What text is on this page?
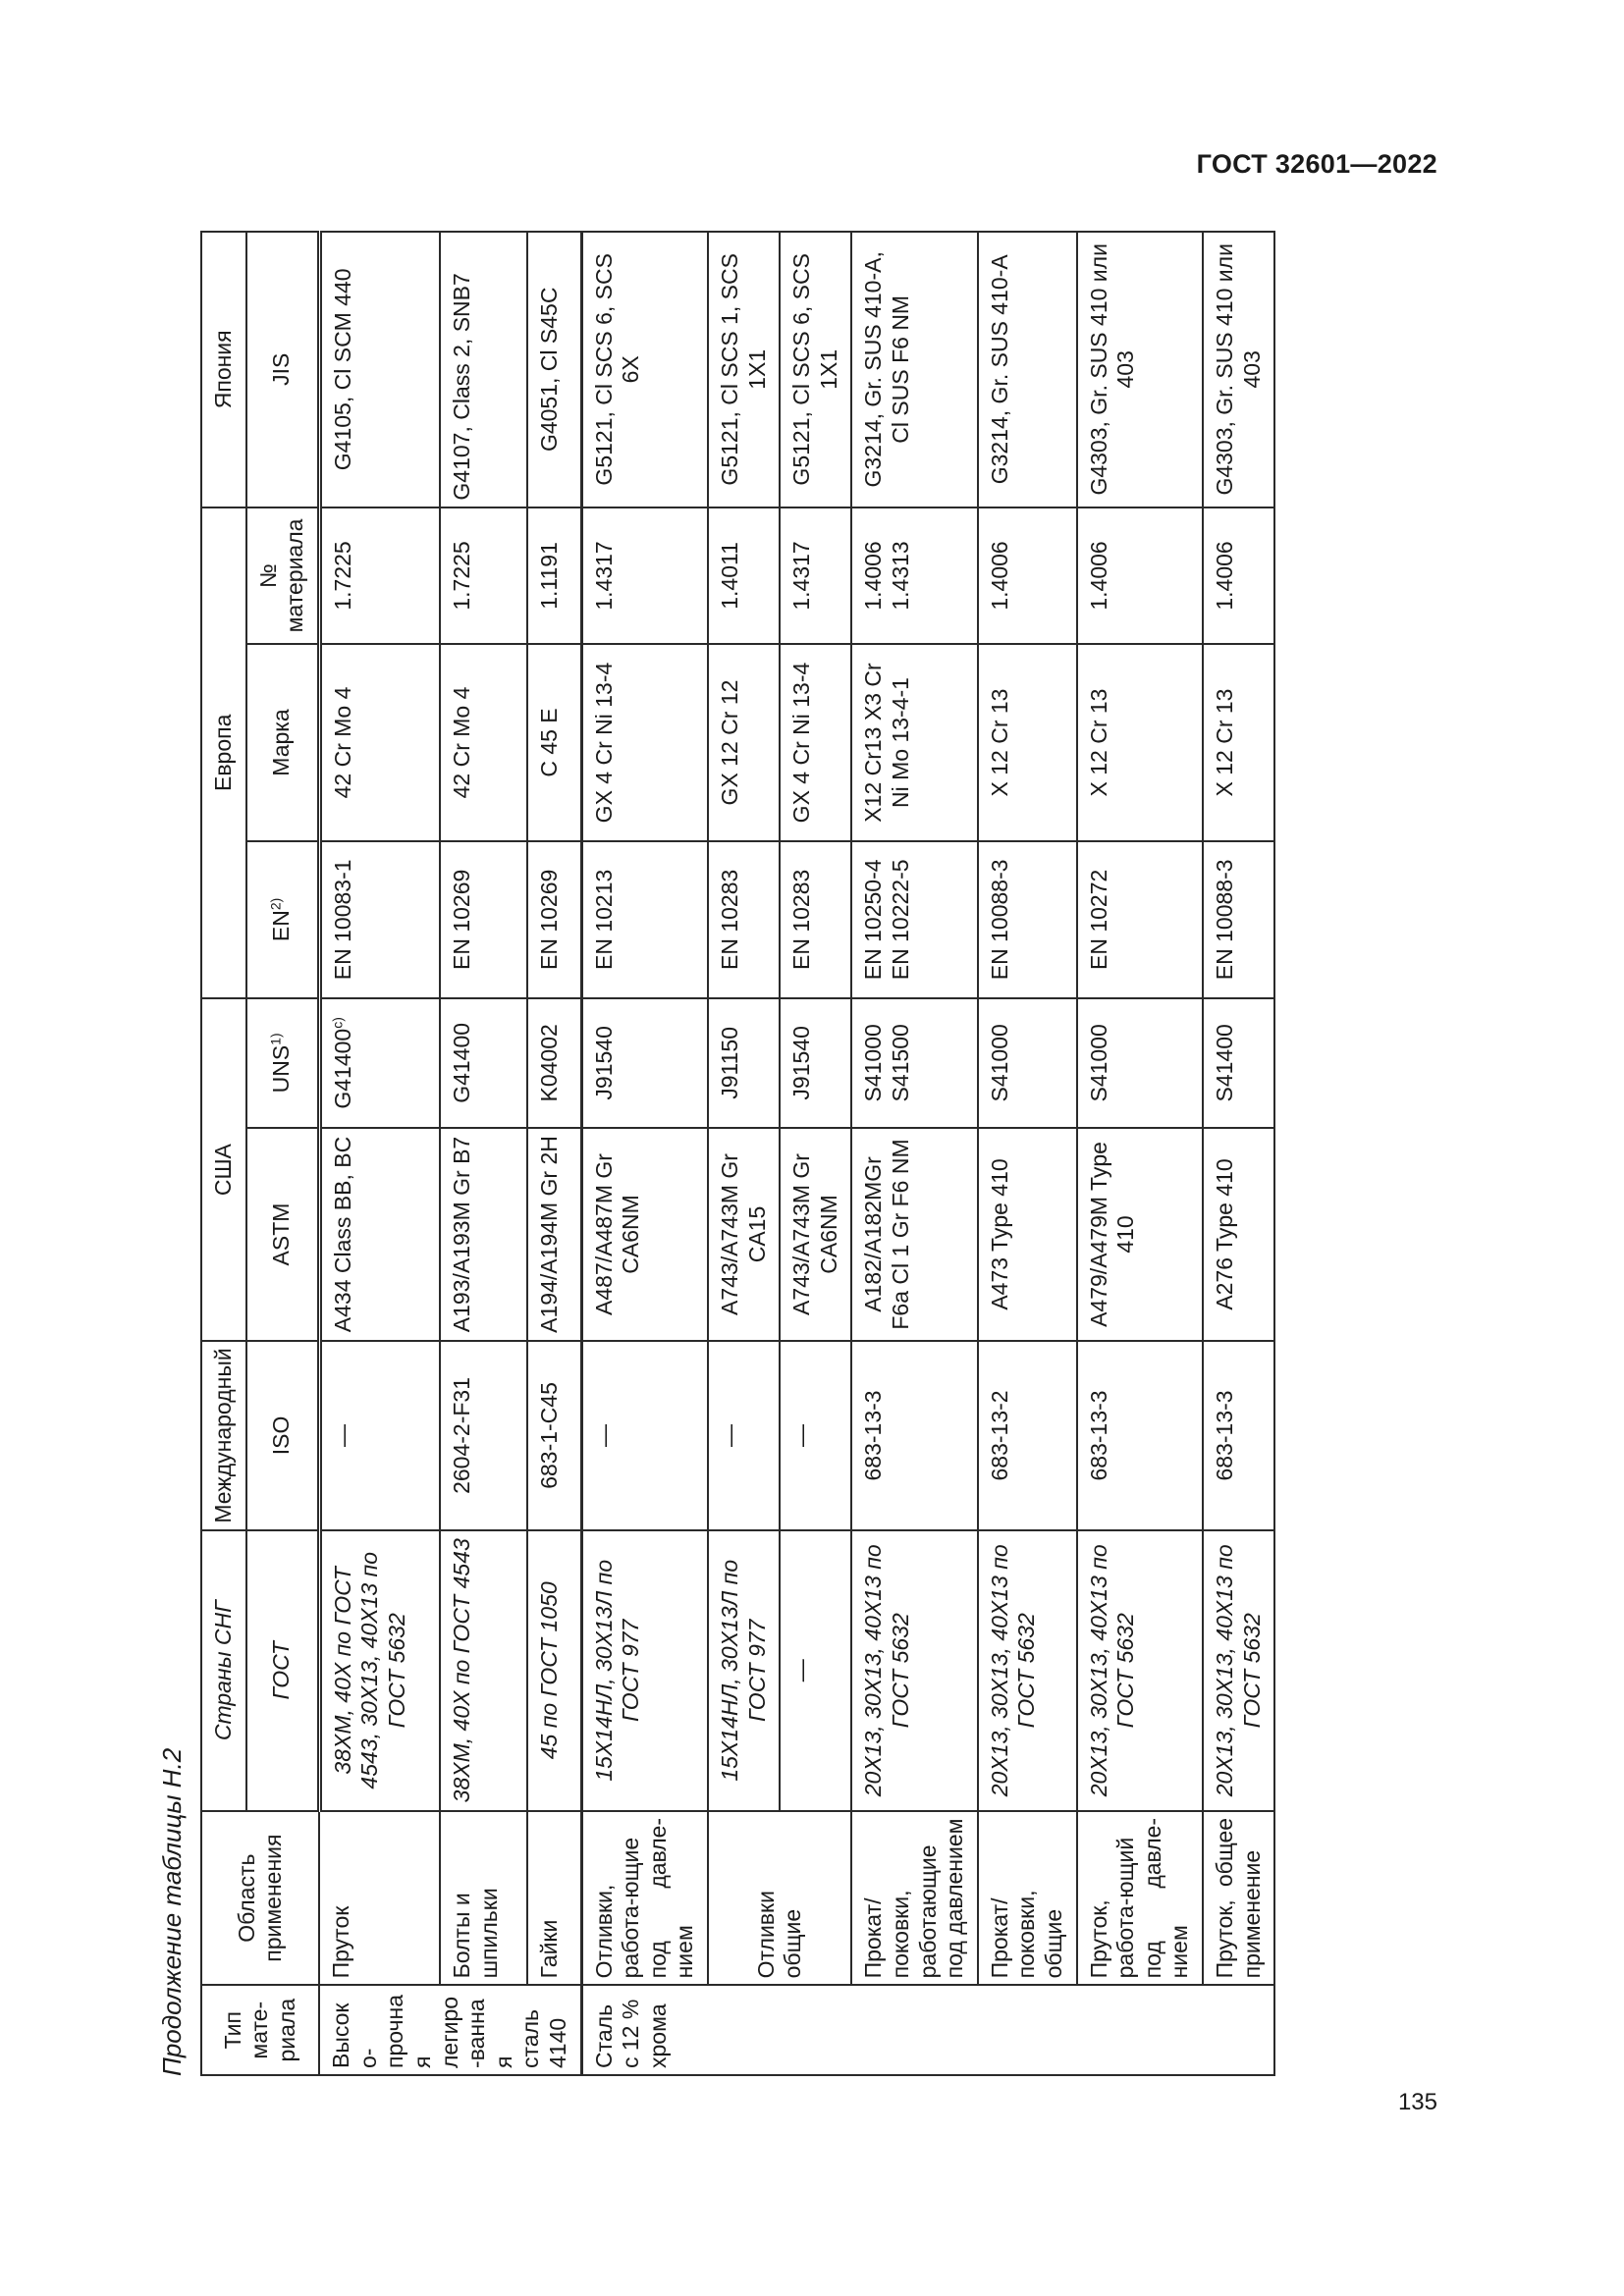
ГОСТ 32601—2022
Продолжение таблицы Н.2 Тип мате-риала	Область применения	Страны СНГ	Международный	США		Европа			Япония
		ГОСТ	ISO	ASTM	UNS$^{1)}$	EN$^{2)}$	Марка	№ материала	JIS
Высоко-прочная легиро-ванная сталь 4140	Пруток	38ХМ, 40Х по ГОСТ 4543, 30Х13, 40Х13 по ГОСТ 5632	—	A434 Class BB, BC	G41400$^{c)}$	EN 10083-1	42 Cr Mo 4	1.7225	G4105, Cl SCM 440
	Болты и шпильки	38ХМ, 40Х по ГОСТ 4543	2604-2-F31	A193/A193M Gr B7	G41400	EN 10269	42 Cr Mo 4	1.7225	G4107, Class 2, SNB7
	Гайки	45 по ГОСТ 1050	683-1-C45	A194/A194M Gr 2H	K04002	EN 10269	C 45 E	1.1191	G4051, Cl S45C
Сталь с 12 % хрома	Отливки, работа-ющие под давле-нием	15Х14НЛ, 30Х13Л по ГОСТ 977	—	A487/A487M Gr CA6NM	J91540	EN 10213	GX 4 Cr Ni 13-4	1.4317	G5121, Cl SCS 6, SCS 6X
	Отливки общие	15Х14НЛ, 30Х13Л по ГОСТ 977	—	A743/A743M Gr CA15	J91150	EN 10283	GX 12 Cr 12	1.4011	G5121, Cl SCS 1, SCS 1X1
		—	—	A743/A743M Gr CA6NM	J91540	EN 10283	GX 4 Cr Ni 13-4	1.4317	G5121, Cl SCS 6, SCS 1X1
	Прокат/поковки, работающие под давлением	20Х13, 30Х13, 40Х13 по ГОСТ 5632	683-13-3	A182/A182MGr F6a Cl 1 Gr F6 NM	S41000 S41500	EN 10250-4 EN 10222-5	X12 Cr13 X3 Cr Ni Mo 13-4-1	1.4006 1.4313	G3214, Gr. SUS 410-A, Cl SUS F6 NM
	Прокат/поковки, общие	20Х13, 30Х13, 40Х13 по ГОСТ 5632	683-13-2	A473 Type 410	S41000	EN 10088-3	X 12 Cr 13	1.4006	G3214, Gr. SUS 410-A
	Пруток, работа-ющий под давле-нием	20Х13, 30Х13, 40Х13 по ГОСТ 5632	683-13-3	A479/A479M Type 410	S41000	EN 10272	X 12 Cr 13	1.4006	G4303, Gr. SUS 410 или 403
	Пруток, общее применение	20Х13, 30Х13, 40Х13 по ГОСТ 5632	683-13-3	A276 Type 410	S41400	EN 10088-3	X 12 Cr 13	1.4006	G4303, Gr. SUS 410 или 403
135
